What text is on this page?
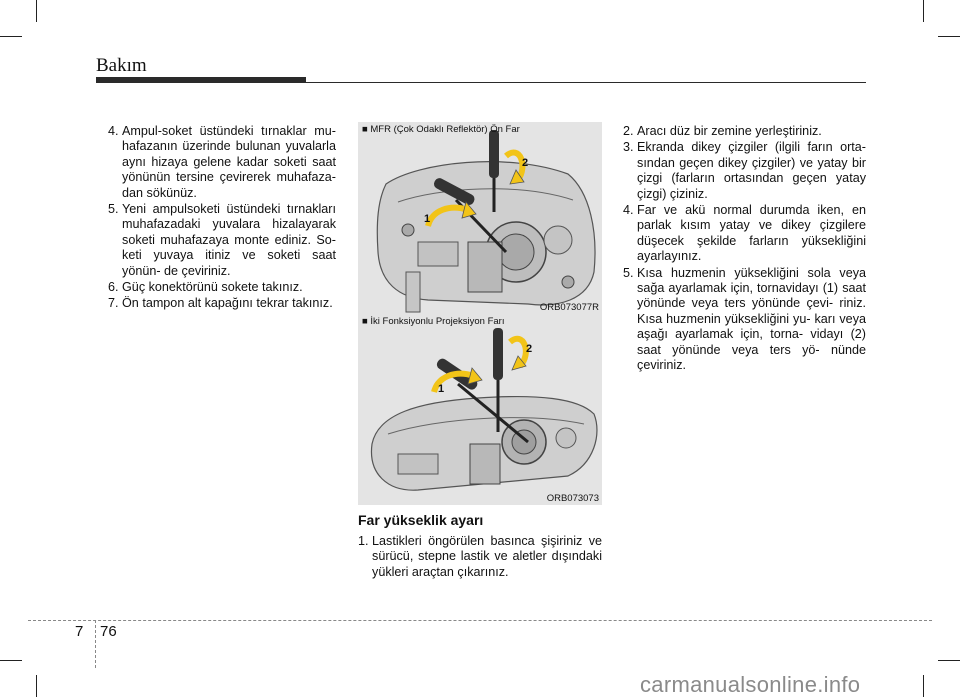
Bakım
4. Ampul-soket üstündeki tırnaklar mu- hafazanın üzerinde bulunan yuvalarla aynı hizaya gelene kadar soketi saat yönünün tersine çevirerek muhafaza- dan sökünüz.
5. Yeni ampulsoketi üstündeki tırnakları muhafazadaki yuvalara hizalayarak soketi muhafazaya monte ediniz. So- keti yuvaya itiniz ve soketi saat yönün- de çeviriniz.
6. Güç konektörünü sokete takınız.
7. Ön tampon alt kapağını tekrar takınız.
2
1
■ MFR (Çok Odaklı Reflektör) Ön Far
ORB073077R
2
1
■ İki Fonksiyonlu Projeksiyon Farı
ORB073073
Far yükseklik ayarı
1. Lastikleri öngörülen basınca şişiriniz ve sürücü, stepne lastik ve aletler dışındaki yükleri araçtan çıkarınız.
2. Aracı düz bir zemine yerleştiriniz.
3. Ekranda dikey çizgiler (ilgili farın orta- sından geçen dikey çizgiler) ve yatay bir çizgi (farların ortasından geçen yatay çizgi) çiziniz.
4. Far ve akü normal durumda iken, en parlak kısım yatay ve dikey çizgilere düşecek şekilde farların yüksekliğini ayarlayınız.
5. Kısa huzmenin yüksekliğini sola veya sağa ayarlamak için, tornavidayı (1) saat yönünde veya ters yönünde çevi- riniz. Kısa huzmenin yüksekliğini yu- karı veya aşağı ayarlamak için, torna- vidayı (2) saat yönünde veya ters yö- nünde çeviriniz.
7 76
carmanualsonline.info
